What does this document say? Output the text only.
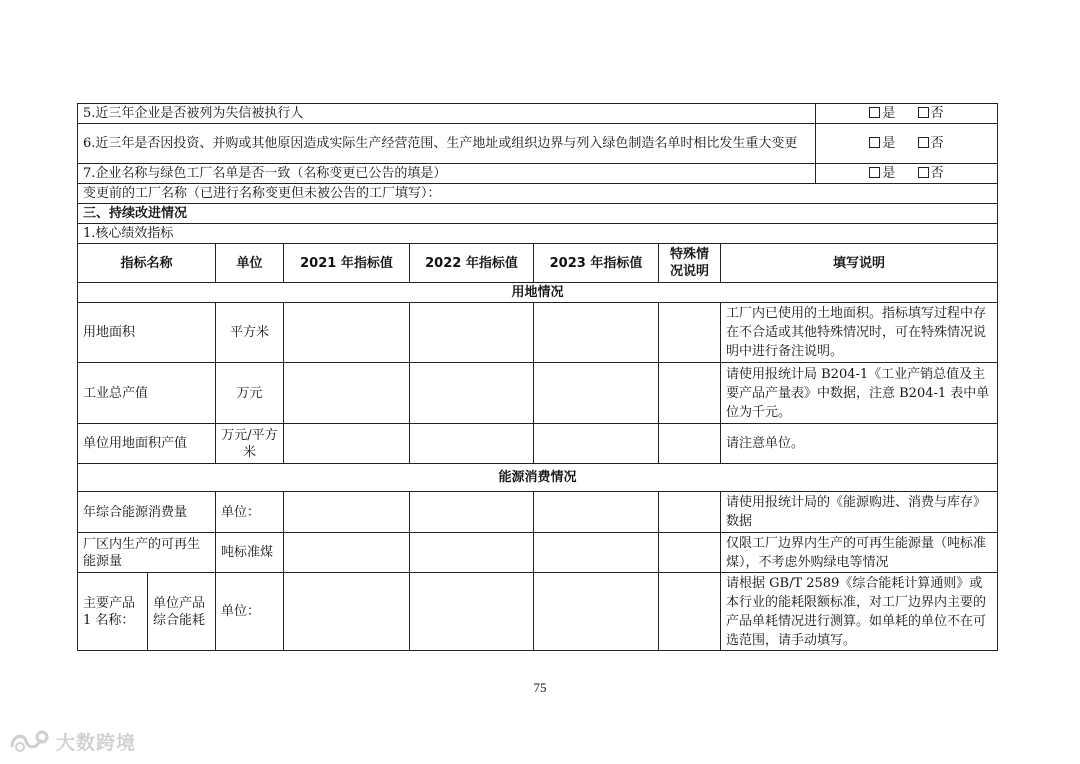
5.近三年企业是否被列为失信被执行人								是 否
6.近三年是否因投资、并购或其他原因造成实际生产经营范围、生产地址或组织边界与列入绿色制造名单时相比发生重大变更								是 否
7.企业名称与绿色工厂名单是否一致（名称变更已公告的填是）								是 否
变更前的工厂名称（已进行名称变更但未被公告的工厂填写）：								
三、持续改进情况								
1.核心绩效指标								
指标名称		单位	2021 年指标值	2022 年指标值	2023 年指标值	特殊情况说明	填写说明	
用地情况								
用地面积		平方米					工厂内已使用的土地面积。指标填写过程中存在不合适或其他特殊情况时，可在特殊情况说明中进行备注说明。	
工业总产值		万元					请使用报统计局 B204-1《工业产销总值及主要产品产量表》中数据，注意 B204-1 表中单位为千元。	
单位用地面积产值		万元/平方米					请注意单位。	
能源消费情况								
年综合能源消费量		单位：					请使用报统计局的《能源购进、消费与库存》数据	
厂区内生产的可再生能源量		吨标准煤					仅限工厂边界内生产的可再生能源量（吨标准煤），不考虑外购绿电等情况	
主要产品 1 名称：	单位产品综合能耗	单位：					请根据 GB/T 2589《综合能耗计算通则》或本行业的能耗限额标准，对工厂边界内主要的产品单耗情况进行测算。如单耗的单位不在可选范围，请手动填写。	
75
大数跨境
